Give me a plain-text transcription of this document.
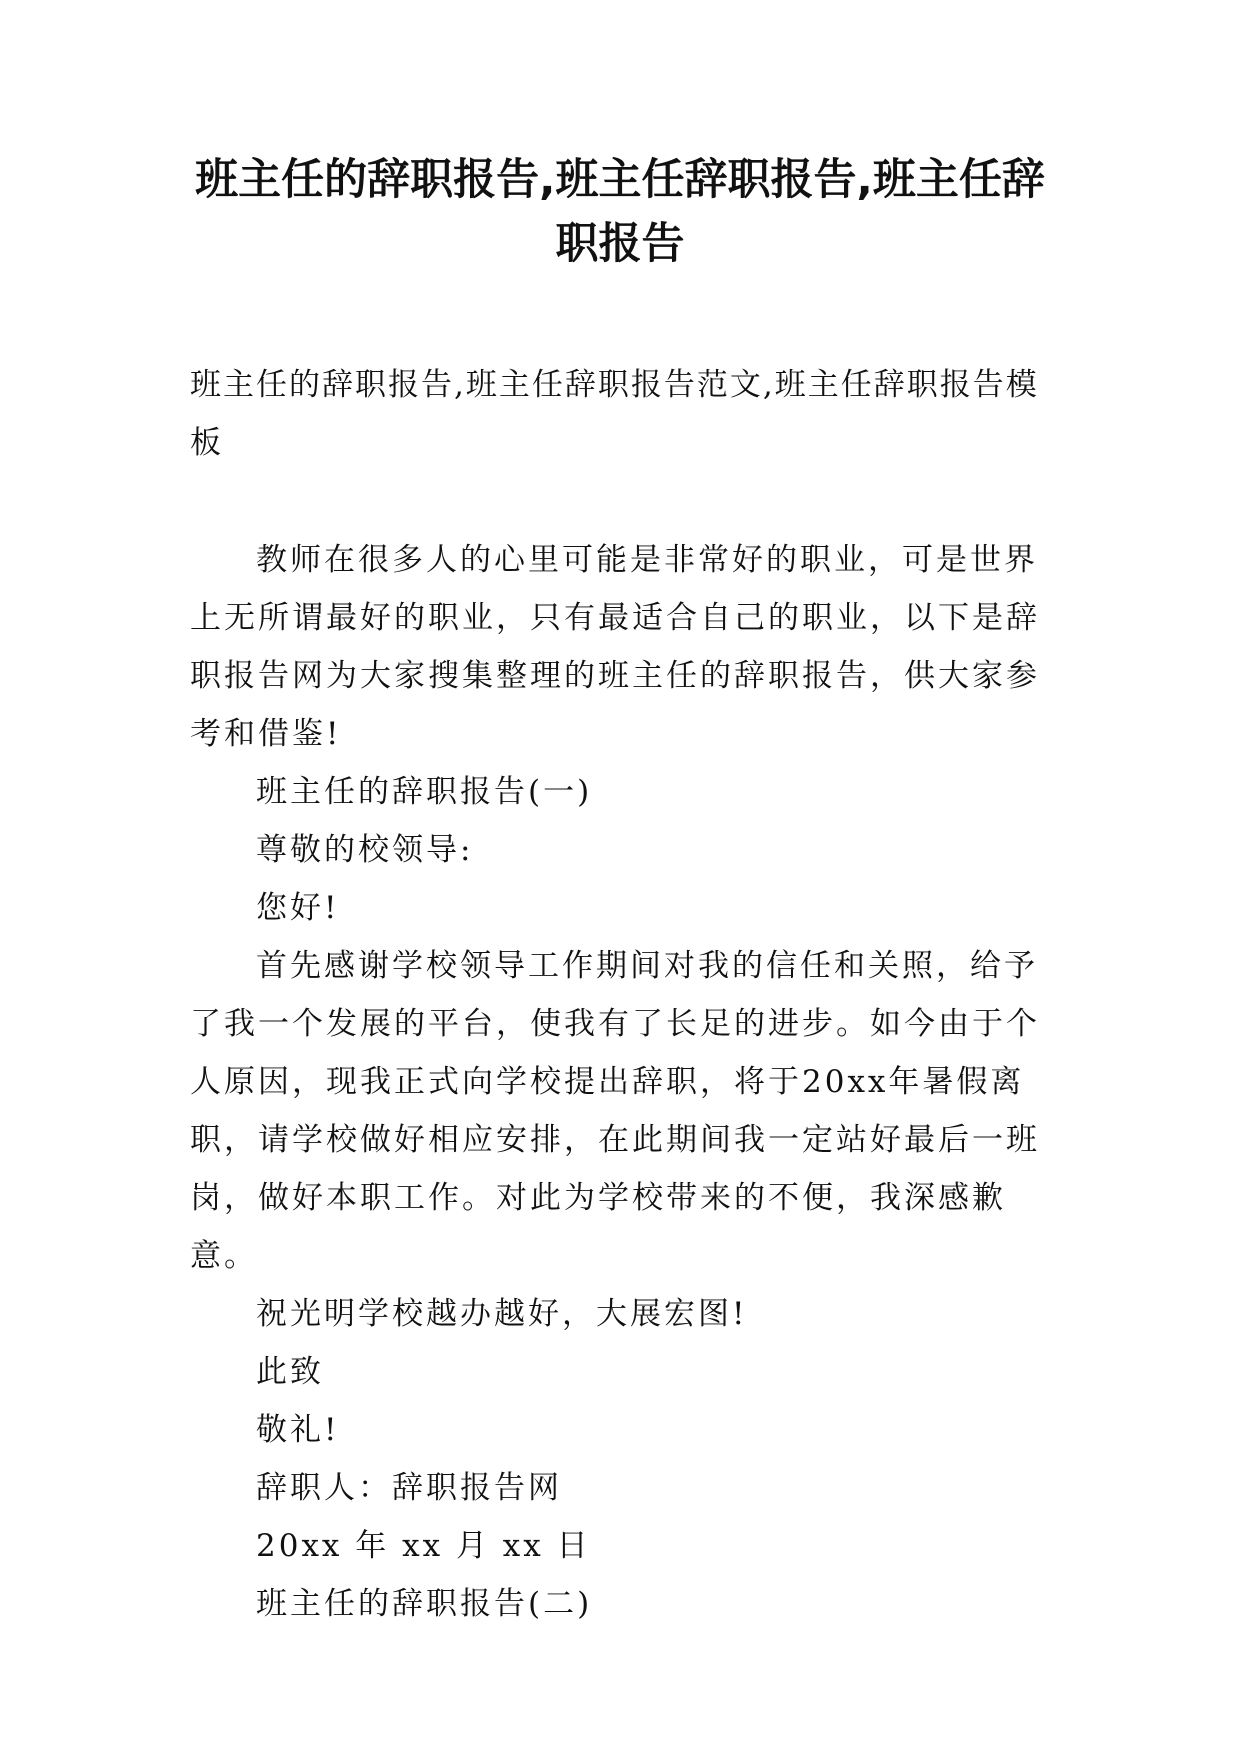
班主任的辞职报告,班主任辞职报告,班主任辞职报告

班主任的辞职报告,班主任辞职报告范文,班主任辞职报告模板

教师在很多人的心里可能是非常好的职业，可是世界上无所谓最好的职业，只有最适合自己的职业，以下是辞职报告网为大家搜集整理的班主任的辞职报告，供大家参考和借鉴!

班主任的辞职报告(一)

尊敬的校领导:

您好!

首先感谢学校领导工作期间对我的信任和关照，给予了我一个发展的平台，使我有了长足的进步。如今由于个人原因，现我正式向学校提出辞职，将于20xx年暑假离职，请学校做好相应安排，在此期间我一定站好最后一班岗，做好本职工作。对此为学校带来的不便，我深感歉意。

祝光明学校越办越好，大展宏图!

此致

敬礼!

辞职人：辞职报告网

20xx 年 xx 月 xx 日

班主任的辞职报告(二)
